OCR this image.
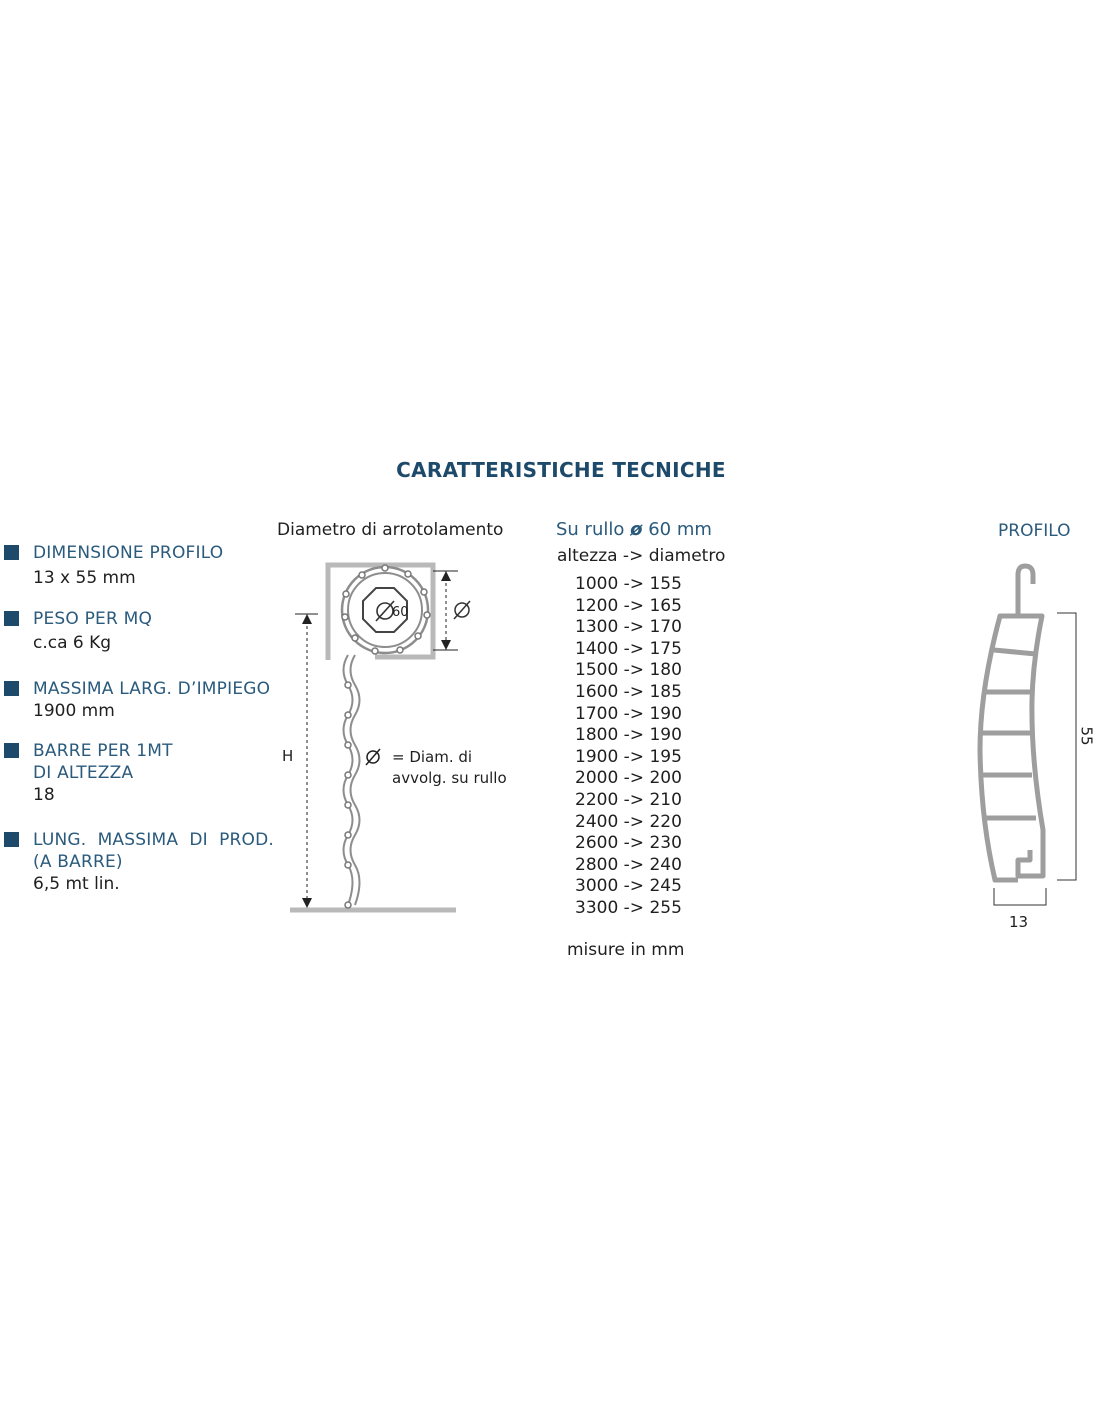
CARATTERISTICHE TECNICHE
DIMENSIONE PROFILO
13 x 55 mm
PESO PER MQ
c.ca 6 Kg
MASSIMA LARG. D’IMPIEGO
1900 mm
BARRE PER 1MT
DI ALTEZZA
18
LUNG.  MASSIMA  DI  PROD.
(A BARRE)
6,5 mt lin.
Diametro di arrotolamento
60
H	= Diam. di
avvolg. su rullo
Su rullo ø 60 mm
altezza -> diametro
1000 -> 155
1200 -> 165
1300 -> 170
1400 -> 175
1500 -> 180
1600 -> 185
1700 -> 190
1800 -> 190
1900 -> 195
2000 -> 200
2200 -> 210
2400 -> 220
2600 -> 230
2800 -> 240
3000 -> 245
3300 -> 255
misure in mm
PROFILO
13
55
